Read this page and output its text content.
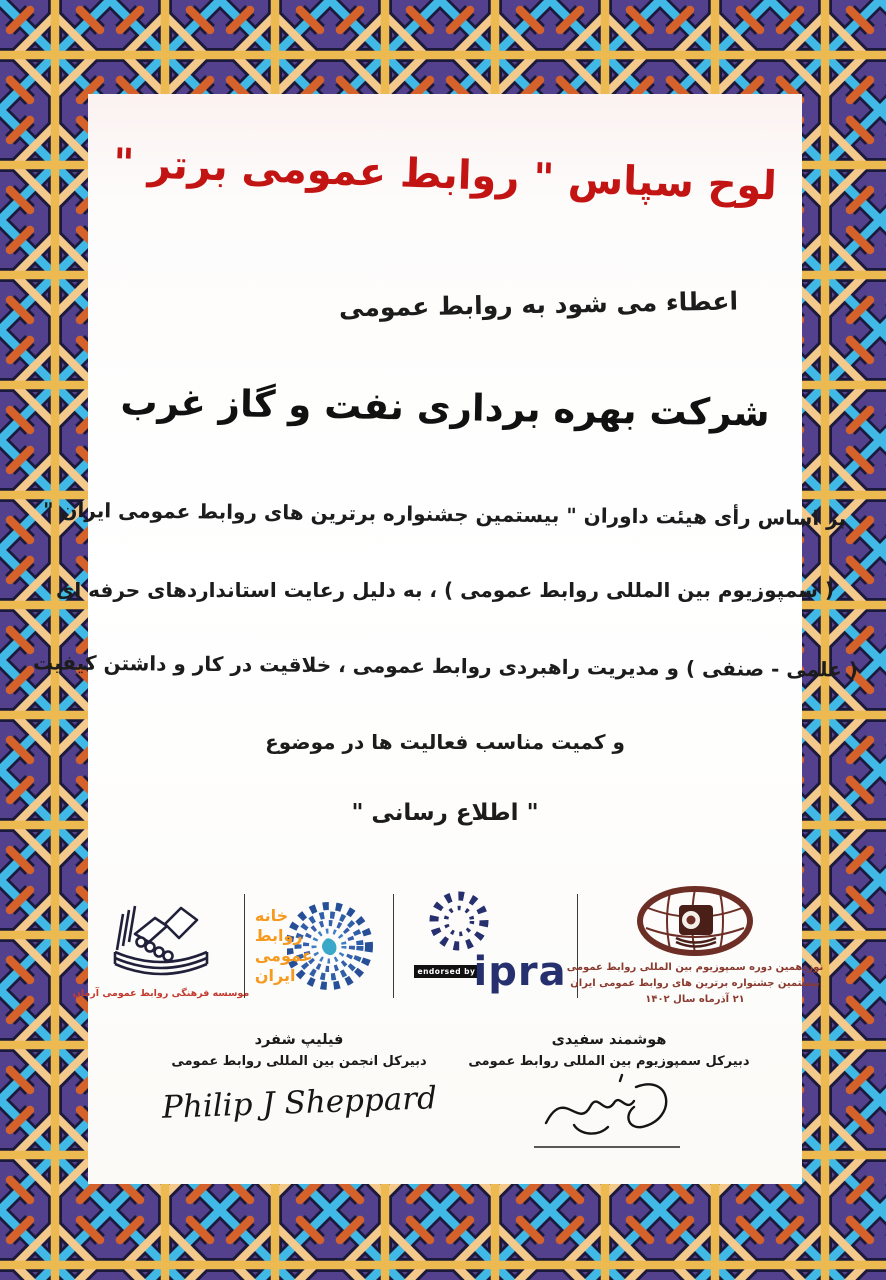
لوح سپاس " روابط عمومی برتر "
اعطاء می شود به روابط عمومی
شرکت بهره برداری نفت و گاز غرب
بر اساس رأی هیئت داوران " بیستمین جشنواره برترین های روابط عمومی ایران "
( سمپوزیوم بین المللی روابط عمومی ) ، به دلیل رعایت استانداردهای حرفه ای
( علمی - صنفی ) و مدیریت راهبردی روابط عمومی ، خلاقیت در کار و داشتن کیفیت
و کمیت مناسب فعالیت ها در موضوع
" اطلاع رسانی "
موسسه فرهنگی روابط عمومی آرمان
خانه
روابط
عمومی
ایران	endorsed by
ipra نوزدهمین دوره سمپوزیوم بین المللی روابط عمومی
بیستمین جشنواره برترین های روابط عمومی ایران
۲۱ آذرماه سال ۱۴۰۲
هوشمند سفیدی
دبیرکل سمپوزیوم بین المللی روابط عمومی
فیلیپ شفرد
دبیرکل انجمن بین المللی روابط عمومی
Philip J Sheppard
